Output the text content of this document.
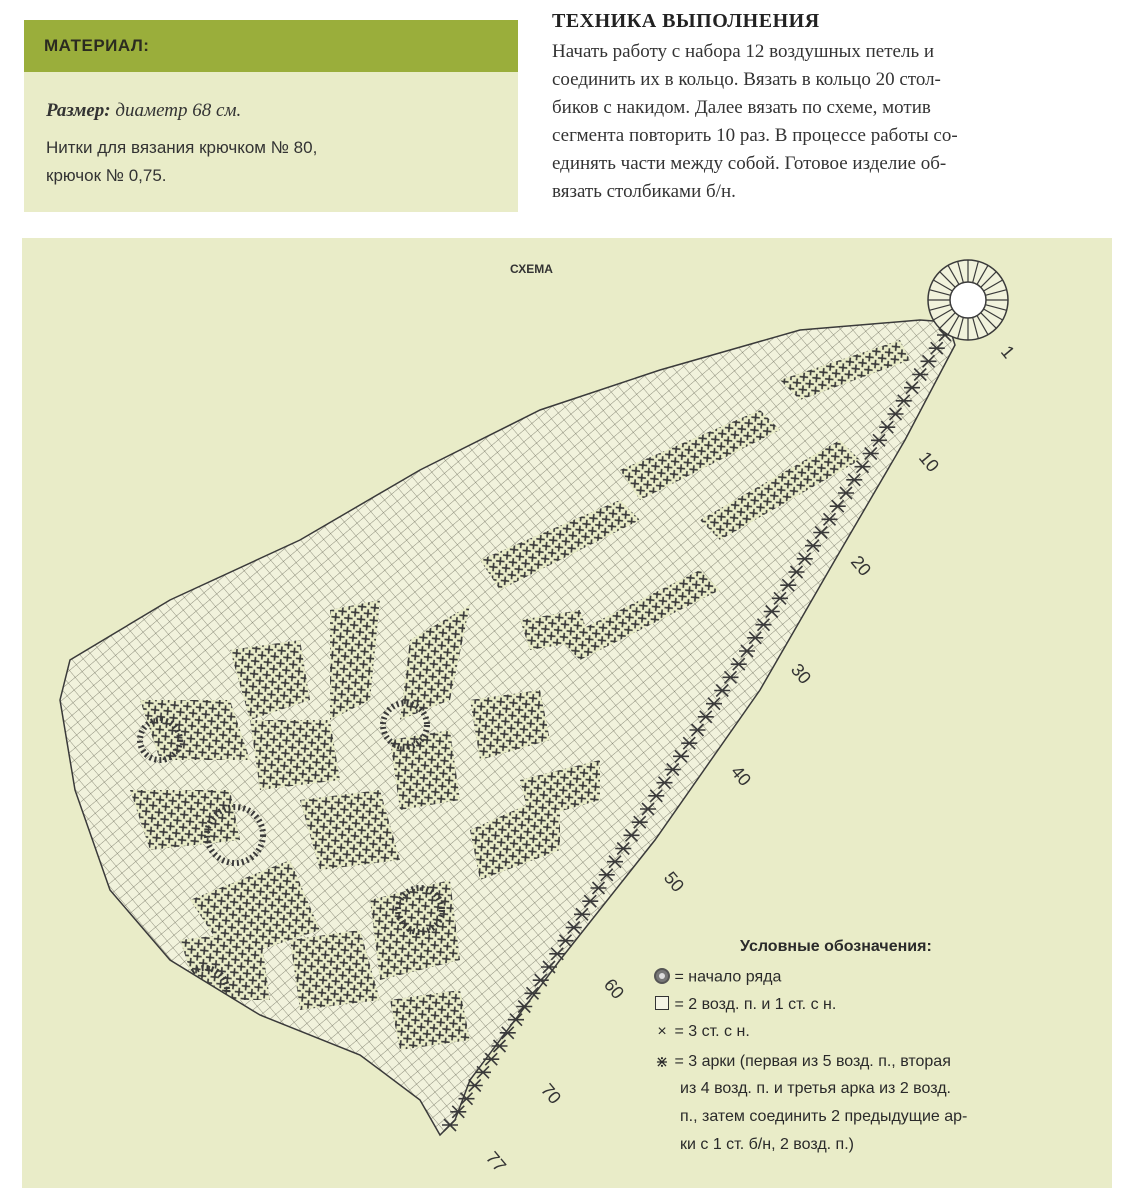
МАТЕРИАЛ:
Размер: диаметр 68 см.
Нитки для вязания крючком № 80,
крючок № 0,75.
ТЕХНИКА ВЫПОЛНЕНИЯ

Начать работу с набора 12 воздушных петель и
соединить их в кольцо. Вязать в кольцо 20 стол-
биков с накидом. Далее вязать по схеме, мотив
сегмента повторить 10 раз. В процессе работы со-
единять части между собой. Готовое изделие об-
вязать столбиками б/н.

СХЕМА
1
10
20
30
40
50
60
70
77
Условные обозначения:
= начало ряда
= 2 возд. п. и 1 ст. с н.
× = 3 ст. с н.
⋇ = 3 арки (первая из 5 возд. п., вторая
из 4 возд. п. и третья арка из 2 возд.
п., затем соединить 2 предыдущие ар-
ки с 1 ст. б/н, 2 возд. п.)
